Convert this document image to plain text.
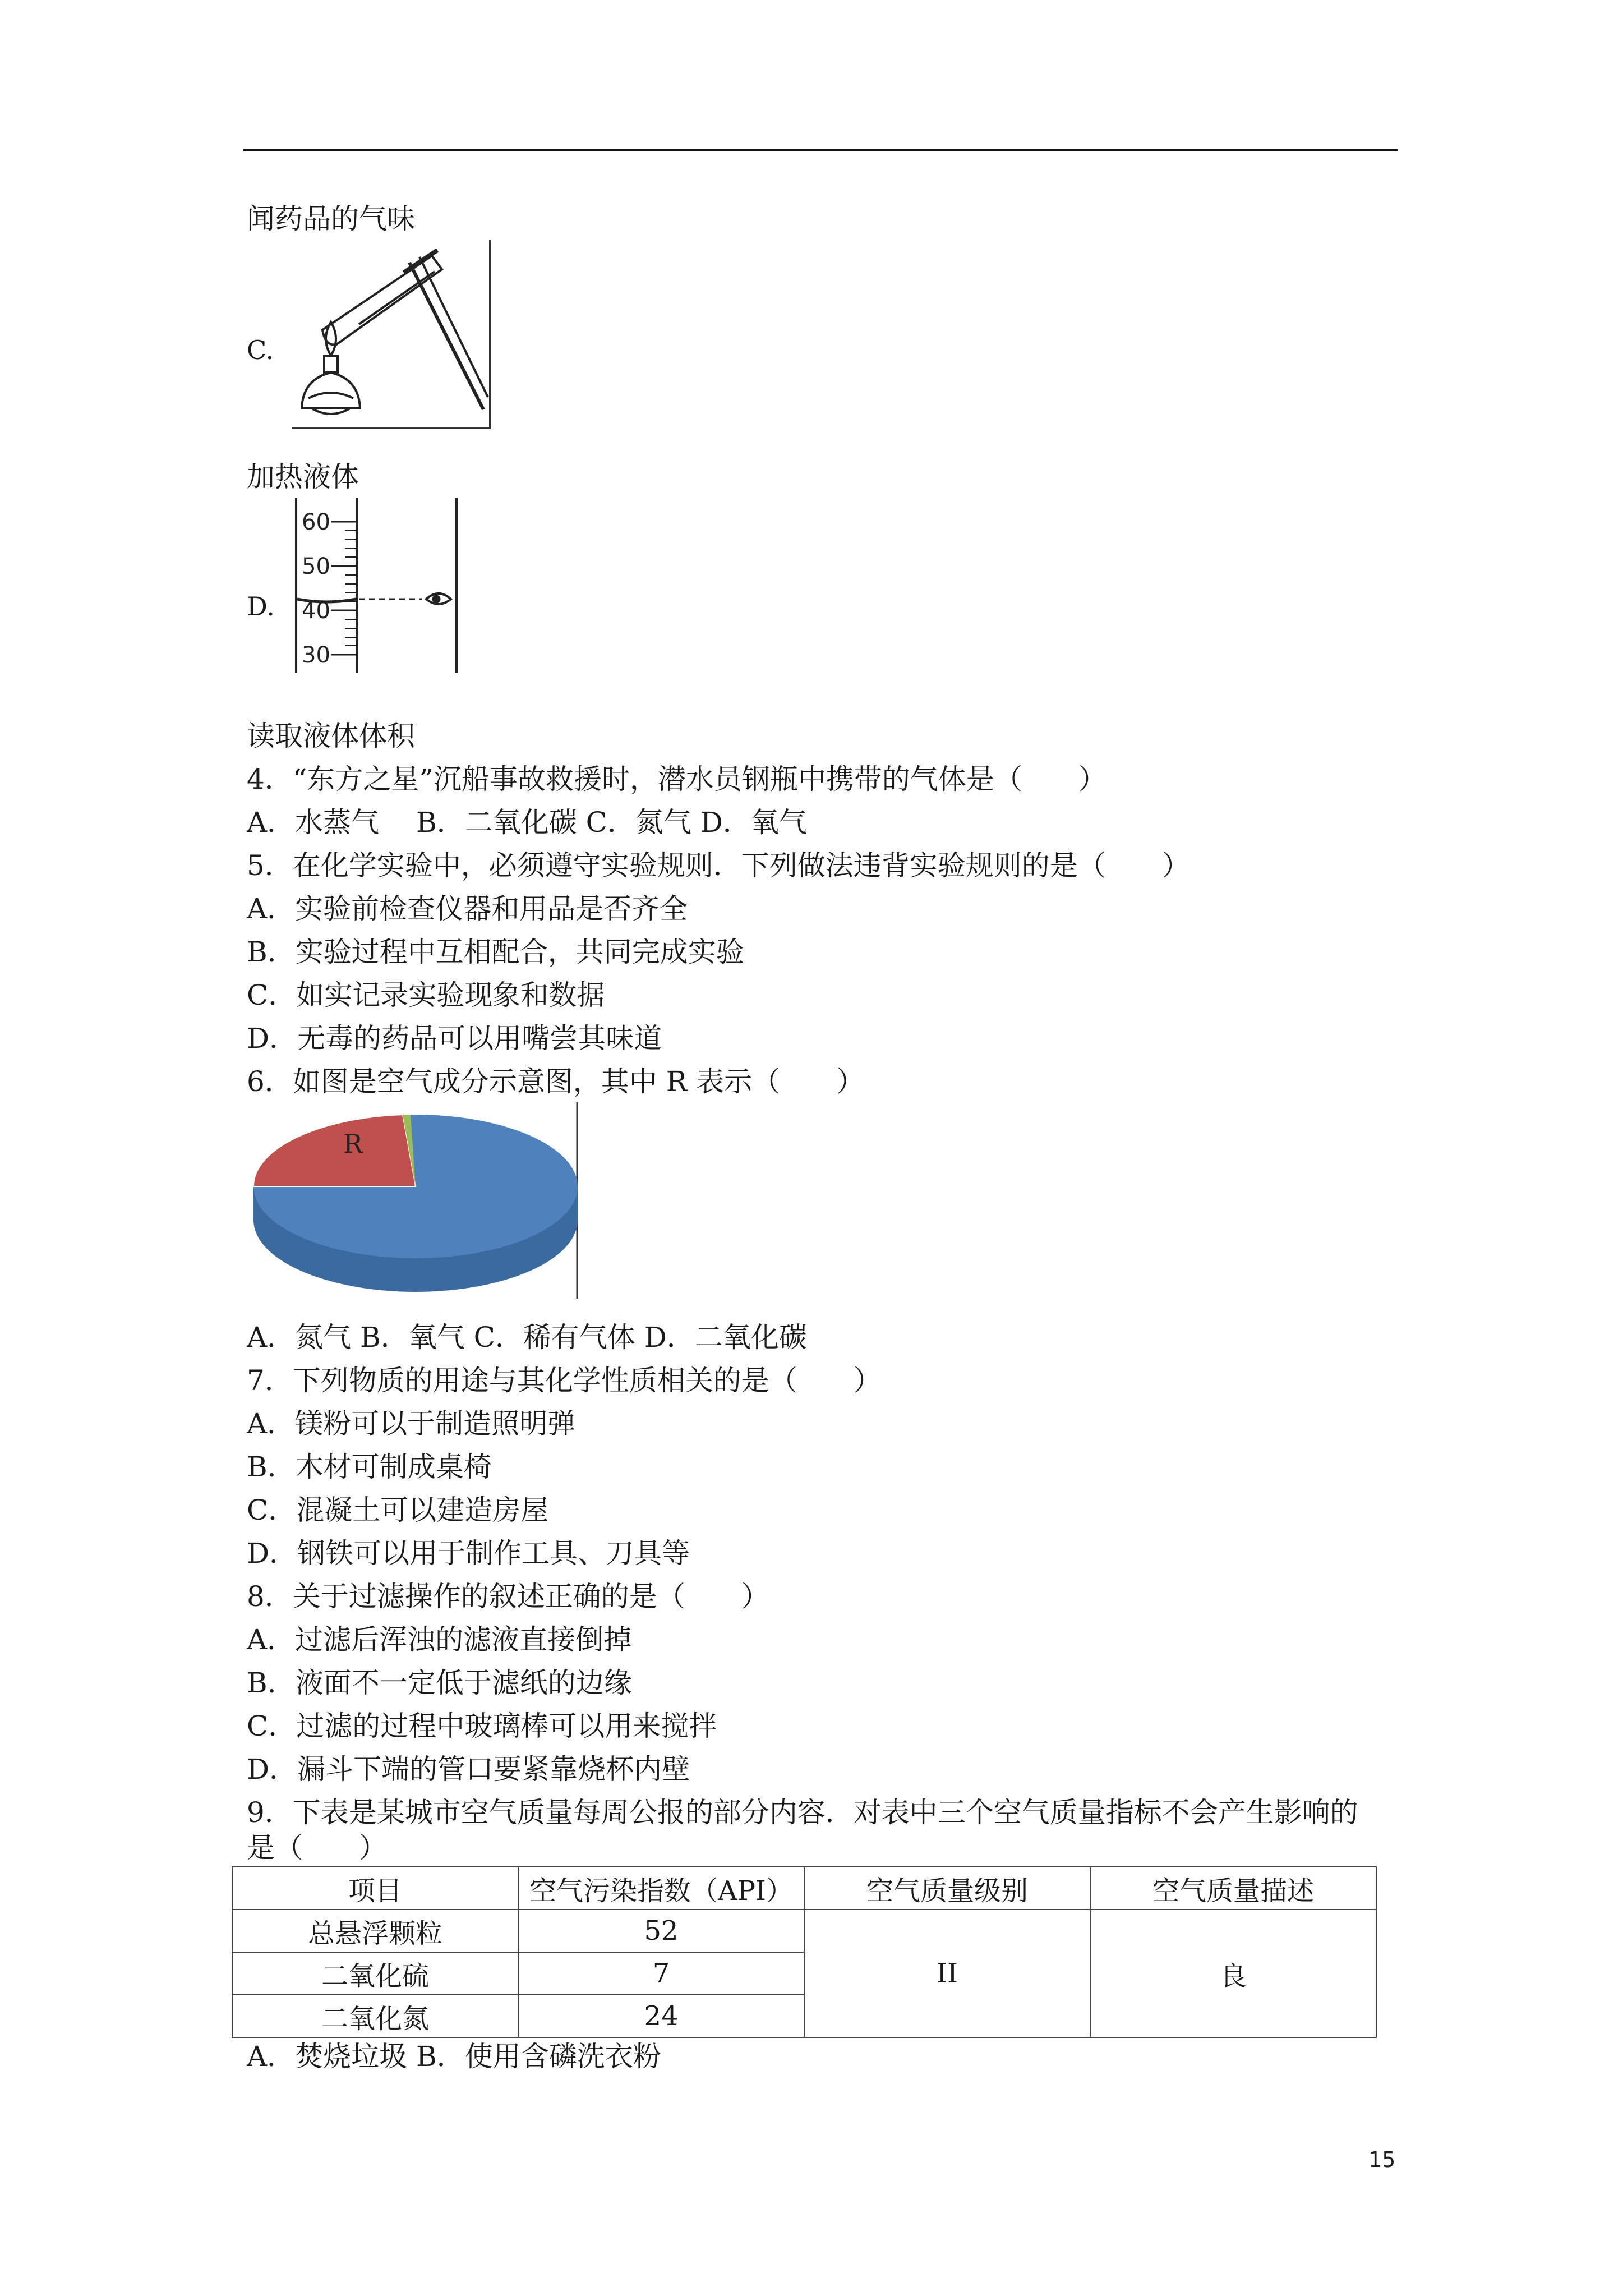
闻药品的气味
C.
加热液体
D.
60
50
40
30
读取液体体积
4．“东方之星”沉船事故救援时，潜水员钢瓶中携带的气体是（　　）
A．水蒸气　 B．二氧化碳 C．氮气 D．氧气
5．在化学实验中，必须遵守实验规则．下列做法违背实验规则的是（　　）
A．实验前检查仪器和用品是否齐全
B．实验过程中互相配合，共同完成实验
C．如实记录实验现象和数据
D．无毒的药品可以用嘴尝其味道
6．如图是空气成分示意图，其中 R 表示（　　）
R
A．氮气 B．氧气 C．稀有气体 D．二氧化碳
7．下列物质的用途与其化学性质相关的是（　　）
A．镁粉可以于制造照明弹
B．木材可制成桌椅
C．混凝土可以建造房屋
D．钢铁可以用于制作工具、刀具等
8．关于过滤操作的叙述正确的是（　　）
A．过滤后浑浊的滤液直接倒掉
B．液面不一定低于滤纸的边缘
C．过滤的过程中玻璃棒可以用来搅拌
D．漏斗下端的管口要紧靠烧杯内壁
9．下表是某城市空气质量每周公报的部分内容．对表中三个空气质量指标不会产生影响的
是（　　）
项目	空气污染指数（API）	空气质量级别	空气质量描述
总悬浮颗粒	52	II	良
二氧化硫	7		
二氧化氮	24		
A．焚烧垃圾 B．使用含磷洗衣粉
15
